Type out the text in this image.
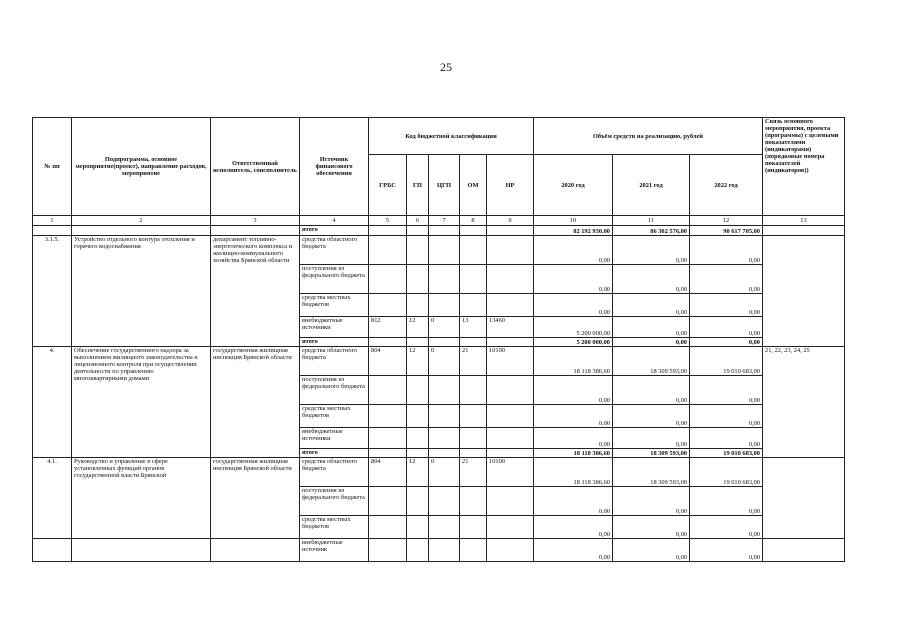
25
№ пп	Подпрограмма, основное мероприятие(проект), направление расходов, мероприятие	Ответственный исполнитель, соисполнитель	Источник финансового обеспечения	Код бюджетной классификации					Объём средств на реализацию, рублей			Связь основного мероприятия, проекта (программы) с целевыми показателями (индикаторами) (порядковые номера показателей (индикаторов))
				ГРБС	ГП	ЦГП	ОМ	НР	2020 год	2021 год	2022 год	
1	2	3	4	5	6	7	8	9	10	11	12	13
			итого						82 192 930,00	86 302 576,00	90 617 705,00	
3.1.5.	Устройство отдельного контура отопления и горячего водоснабжения	департамент топливно-энергетического комплекса и жилищно-коммунального хозяйства Брянской области	средства областного бюджета						0,00	0,00	0,00	
			поступления из федерального бюджета						0,00	0,00	0,00	
			средства местных бюджетов						0,00	0,00	0,00	
			внебюджетные источники	812	12	0	13	13460	5 200 000,00	0,00	0,00	
			итого						5 200 000,00	0,00	0,00	
4.	Обеспечение государственного надзора за выполнением жилищного законодательства и лицензионного контроля при осуществлении деятельности по управлению многоквартирными домами	государственная жилищная инспекция Брянской области	средства областного бюджета	804	12	0	21	10100	18 118 386,60	18 309 593,00	19 010 683,00	21, 22, 23, 24, 25
			поступления из федерального бюджета						0,00	0,00	0,00	
			средства местных бюджетов						0,00	0,00	0,00	
			внебюджетные источники						0,00	0,00	0,00	
			итого						18 118 386,60	18 309 593,00	19 010 683,00	
4.1.	Руководство и управление в сфере установленных функций органов государственной власти Брянской	государственная жилищная инспекция Брянской области	средства областного бюджета	804	12	0	21	10100	18 118 386,60	18 309 593,00	19 010 683,00	
			поступления из федерального бюджета						0,00	0,00	0,00	
			средства местных бюджетов						0,00	0,00	0,00	
			внебюджетные источник						0,00	0,00	0,00	
